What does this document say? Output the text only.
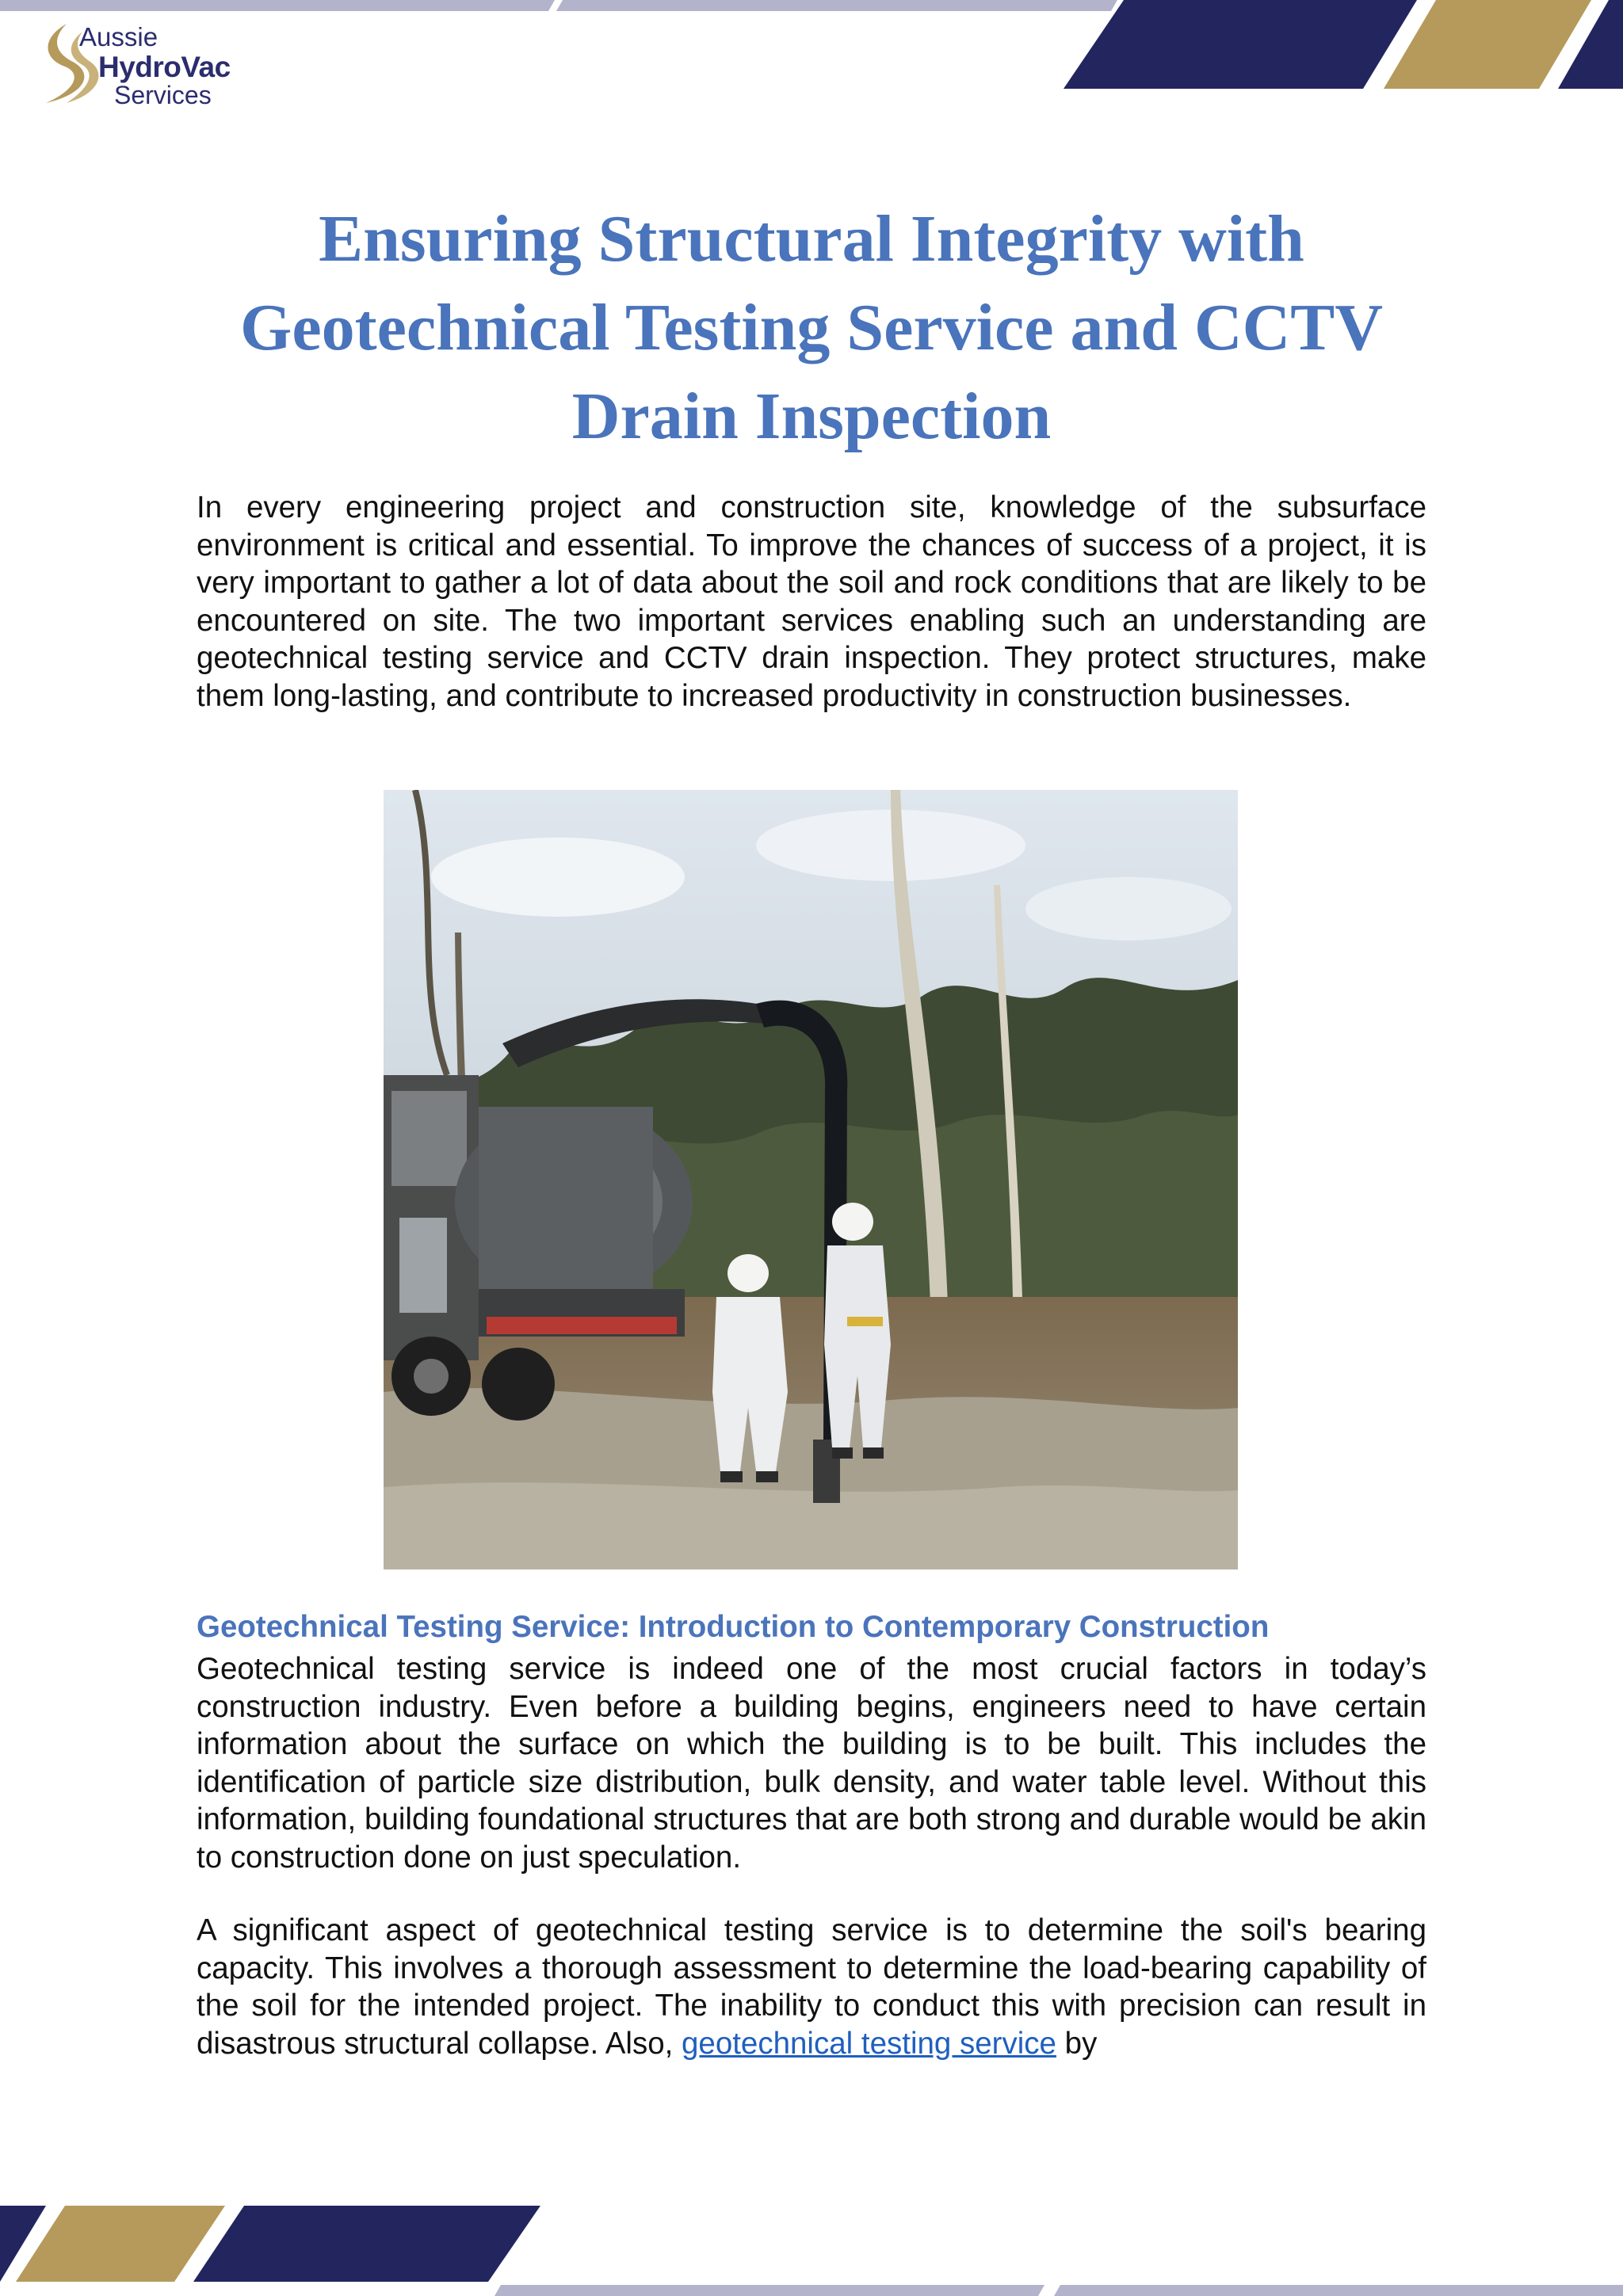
Aussie
HydroVac
Services
Ensuring Structural Integrity with Geotechnical Testing Service and CCTV Drain Inspection

In every engineering project and construction site, knowledge of the subsurface environment is critical and essential. To improve the chances of success of a project, it is very important to gather a lot of data about the soil and rock conditions that are likely to be encountered on site. The two important services enabling such an understanding are geotechnical testing service and CCTV drain inspection. They protect structures, make them long-lasting, and contribute to increased productivity in construction businesses.

Geotechnical Testing Service: Introduction to Contemporary Construction

Geotechnical testing service is indeed one of the most crucial factors in today’s construction industry. Even before a building begins, engineers need to have certain information about the surface on which the building is to be built. This includes the identification of particle size distribution, bulk density, and water table level. Without this information, building foundational structures that are both strong and durable would be akin to construction done on just speculation.

A significant aspect of geotechnical testing service is to determine the soil's bearing capacity. This involves a thorough assessment to determine the load-bearing capability of the soil for the intended project. The inability to conduct this with precision can result in disastrous structural collapse. Also, geotechnical testing service by
